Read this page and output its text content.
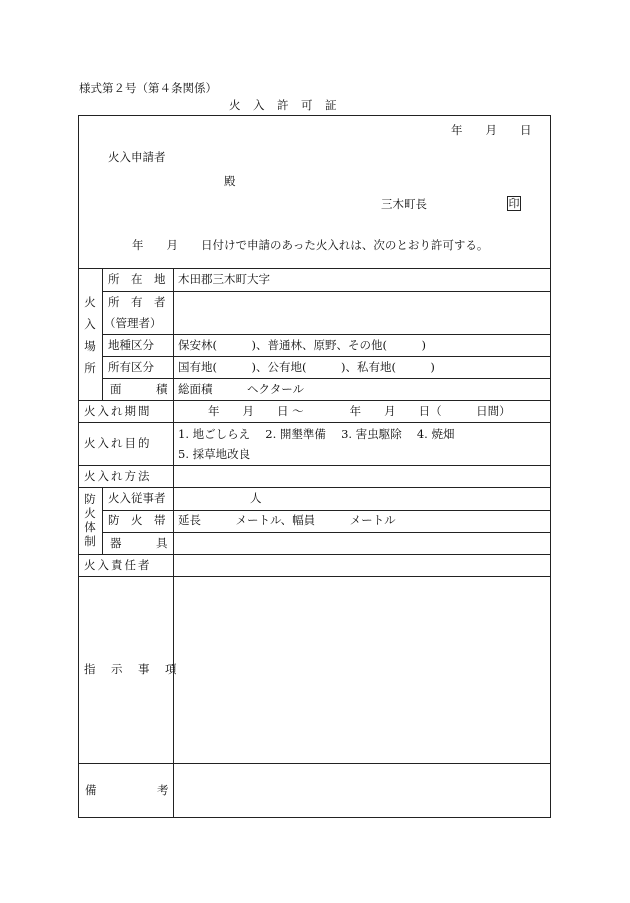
様式第２号（第４条関係）
火　入　許　可　証
年　　月　　日
火入申請者
殿
三木町長	印
年　　月　　日付けで申請のあった火入れは、次のとおり許可する。
火
入
場
所
所　在　地 木田郡三木町大字
所　有　者
（管理者）
地種区分 保安林(　　　)、普通林、原野、その他(　　　)
所有区分 国有地(　　　)、公有地(　　　)、私有地(　　　)
面　　　積 総面積　　　ヘクタール
火入れ期間	年　　月　　日 〜　　　　年　　月　　日（　　　日間）
火入れ目的
1. 地ごしらえ　 2. 開墾準備　 3. 害虫駆除　 4. 焼畑
5. 採草地改良
火入れ方法
防
火
体
制
火入従事者	人
防　火　帯 延長　　　メートル、幅員　　　メートル
器　　　具
火入責任者
指　示　事　項
備	考
